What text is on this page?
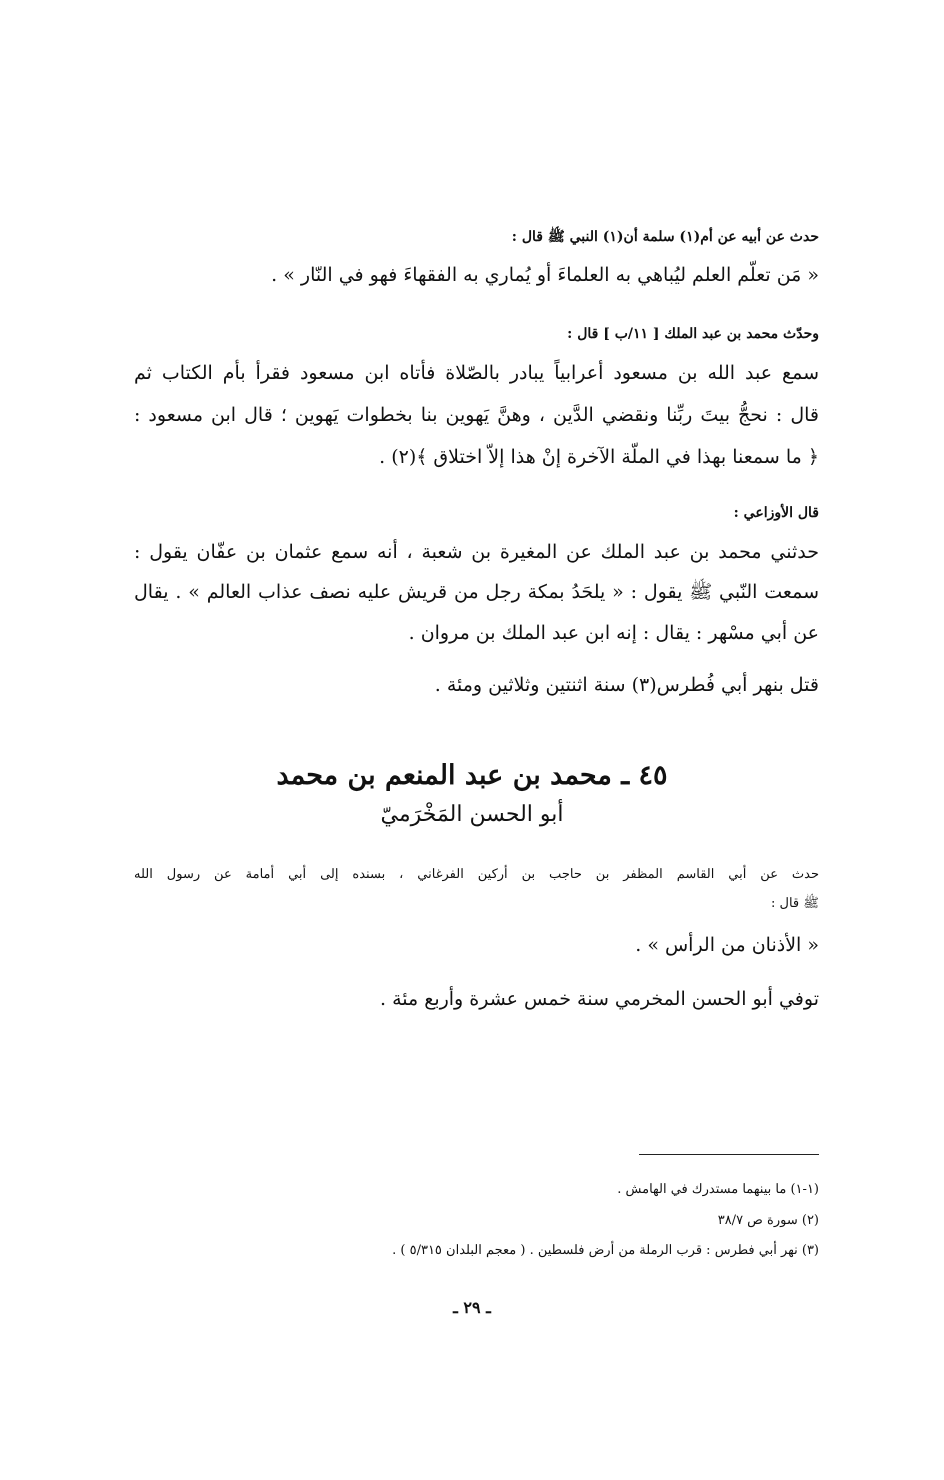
حدث عن أبيه عن أم(١) سلمة أن(١) النبي ﷺ قال :
« مَن تعلّم العلم ليُباهي به العلماءَ أو يُماري به الفقهاءَ فهو في النّار » .
وحدّث محمد بن عبد الملك [ ١١/ب ] قال :
سمع عبد الله بن مسعود أعرابياً يبادر بالصّلاة فأتاه ابن مسعود فقرأ بأم الكتاب ثم
قال : نحجُّ بيتَ ربِّنا ونقضي الدَّين ، وهنَّ يَهوين بنا بخطوات يَهوين ؛ قال ابن مسعود :
﴿ ما سمعنا بهذا في الملّة الآخرة إنْ هذا إلاّ اختلاق ﴾(٢) .
قال الأوزاعي :
حدثني محمد بن عبد الملك عن المغيرة بن شعبة ، أنه سمع عثمان بن عفّان يقول :
سمعت النّبي ﷺ يقول : « يلحَدُ بمكة رجل من قريش عليه نصف عذاب العالم » . يقال
عن أبي مسْهر : يقال : إنه ابن عبد الملك بن مروان .
قتل بنهر أبي فُطرس(٣) سنة اثنتين وثلاثين ومئة .
٤٥ ـ محمد بن عبد المنعم بن محمد
أبو الحسن المَخْرَميّ
حدث عن أبي القاسم المظفر بن حاجب بن أركين الفرغاني ، بسنده إلى أبي أمامة عن رسول الله
ﷺ قال :
« الأذنان من الرأس » .
توفي أبو الحسن المخرمي سنة خمس عشرة وأربع مئة .
(١-١) ما بينهما مستدرك في الهامش .
(٢) سورة ص ٣٨/٧
(٣) نهر أبي فطرس : قرب الرملة من أرض فلسطين . ( معجم البلدان ٥/٣١٥ ) .
ـ ٢٩ ـ
